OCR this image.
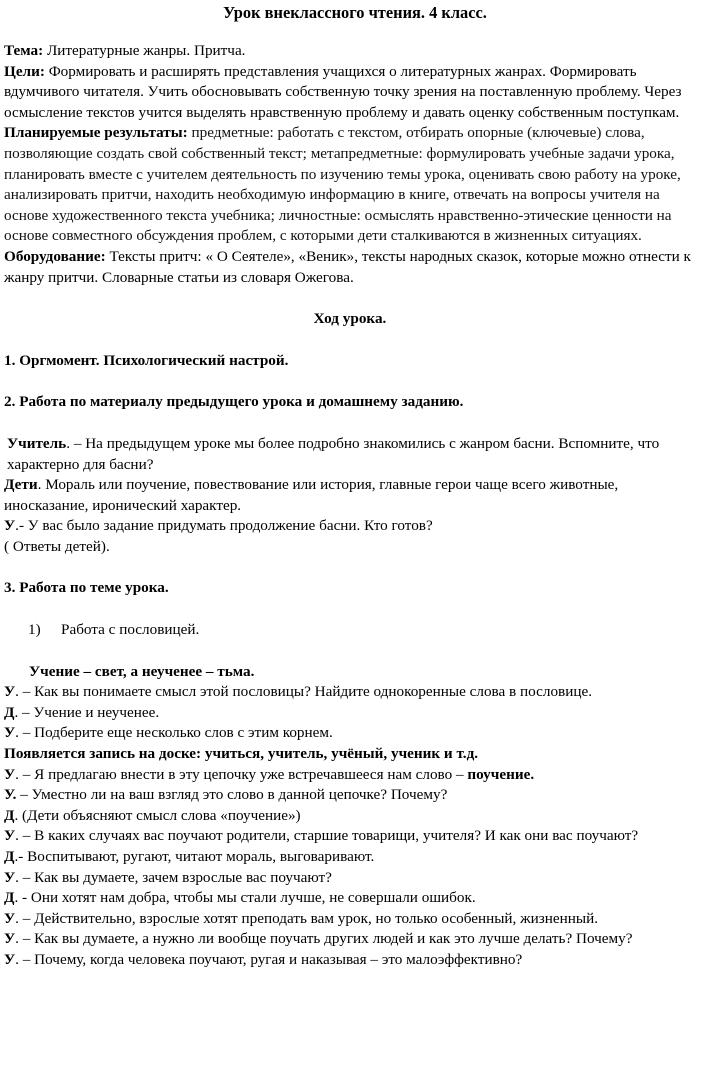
Урок внеклассного чтения. 4 класс.

Тема: Литературные жанры. Притча.

Цели: Формировать и расширять представления учащихся о литературных жанрах. Формировать вдумчивого читателя. Учить обосновывать собственную точку зрения на поставленную проблему. Через осмысление текстов учится выделять нравственную проблему и давать оценку собственным поступкам.

Планируемые результаты: предметные: работать с текстом, отбирать опорные (ключевые) слова, позволяющие создать свой собственный текст; метапредметные: формулировать учебные задачи урока, планировать вместе с учителем деятельность по изучению темы урока, оценивать свою работу на уроке, анализировать притчи, находить необходимую информацию в книге, отвечать на вопросы учителя на основе художественного текста учебника; личностные: осмыслять нравственно-этические ценности на основе совместного обсуждения проблем, с которыми дети сталкиваются в жизненных ситуациях.

Оборудование: Тексты притч: « О Сеятеле», «Веник», тексты народных сказок, которые можно отнести к жанру притчи. Словарные статьи из словаря Ожегова.

Ход урока.

1. Оргмомент. Психологический настрой.

2. Работа по материалу предыдущего урока и домашнему заданию.

Учитель. – На предыдущем уроке мы более подробно знакомились с жанром басни. Вспомните, что характерно для басни?

Дети. Мораль или поучение, повествование или история, главные герои чаще всего животные, иносказание, иронический характер.

У.- У вас было задание придумать продолжение басни. Кто готов?

( Ответы детей).

3. Работа по теме урока.

1) Работа с пословицей.

Учение – свет, а неученее – тьма.

У. – Как вы понимаете смысл этой пословицы? Найдите однокоренные слова в пословице.

Д. – Учение и неученее.

У. – Подберите еще несколько слов с этим корнем.

Появляется запись на доске: учиться, учитель, учёный, ученик и т.д.

У. – Я предлагаю внести в эту цепочку уже встречавшееся нам слово – поучение.

У. – Уместно ли на ваш взгляд это слово в данной цепочке? Почему?

Д. (Дети объясняют смысл слова «поучение»)

У. – В каких случаях вас поучают родители, старшие товарищи, учителя? И как они вас поучают?

Д.- Воспитывают, ругают, читают мораль, выговаривают.

У. – Как вы думаете, зачем взрослые вас поучают?

Д. - Они хотят нам добра, чтобы мы стали лучше, не совершали ошибок.

У. – Действительно, взрослые хотят преподать вам урок, но только особенный, жизненный.

У. – Как вы думаете, а нужно ли вообще поучать других людей и как это лучше делать? Почему?

У. – Почему, когда человека поучают, ругая и наказывая – это малоэффективно?
